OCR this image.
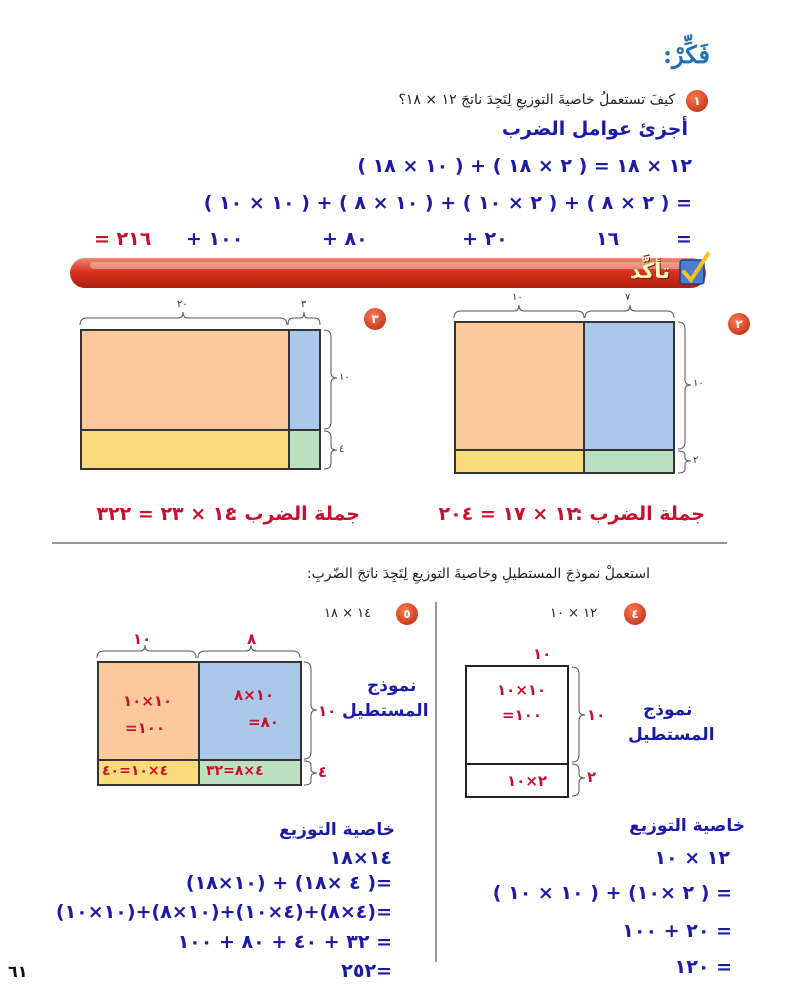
فَكِّرْ:
١
كيفَ تستعملُ خاصيةَ التوزيعِ لِتَجِدَ ناتجَ ١٢ × ١٨؟
أجزئ عوامل الضرب
١٢ × ١٨ = ( ٢ × ١٨ ) + ( ١٠ × ١٨ )
= ( ٢ × ٨ ) + ( ٢ × ١٠ ) + ( ١٠ × ٨ ) + ( ١٠ × ١٠ )
=
١٦
+ ٢٠
+ ٨٠
+ ١٠٠
= ٢١٦
تأكَّد
٢
١٠	٧
١٠
٢
جملة الضرب :
١٢ × ١٧ = ٢٠٤
٣
٢٠	٣
١٠
٤
جملة الضرب :
١٤ × ٢٣ = ٣٢٢
استعملْ نموذجَ المستطيلِ وخاصيةَ التوزيعِ لِتَجِدَ ناتجَ الضّربِ:
٤
١٢ × ١٠
١٠
١٠×١٠
=١٠٠
٢×١٠
١٠
٢
نموذج
المستطيل
خاصية التوزيع
١٢ × ١٠
= ( ٢ ×١٠) + ( ١٠ × ١٠ )
= ٢٠ + ١٠٠
= ١٢٠
٥
١٤ × ١٨
١٠	٨
١٠×١٠
=١٠٠
١٠×٨
=٨٠
٤×١٠=٤٠	٤×٨=٣٢
١٠
٤
نموذج
المستطيل
خاصية التوزيع
١٤×١٨
=( ٤ ×١٨) + (١٠×١٨)
=(٤×٨)+(٤×١٠)+(١٠×٨)+(١٠×١٠)
= ٣٢ + ٤٠ + ٨٠ + ١٠٠
=٢٥٢
٦١
